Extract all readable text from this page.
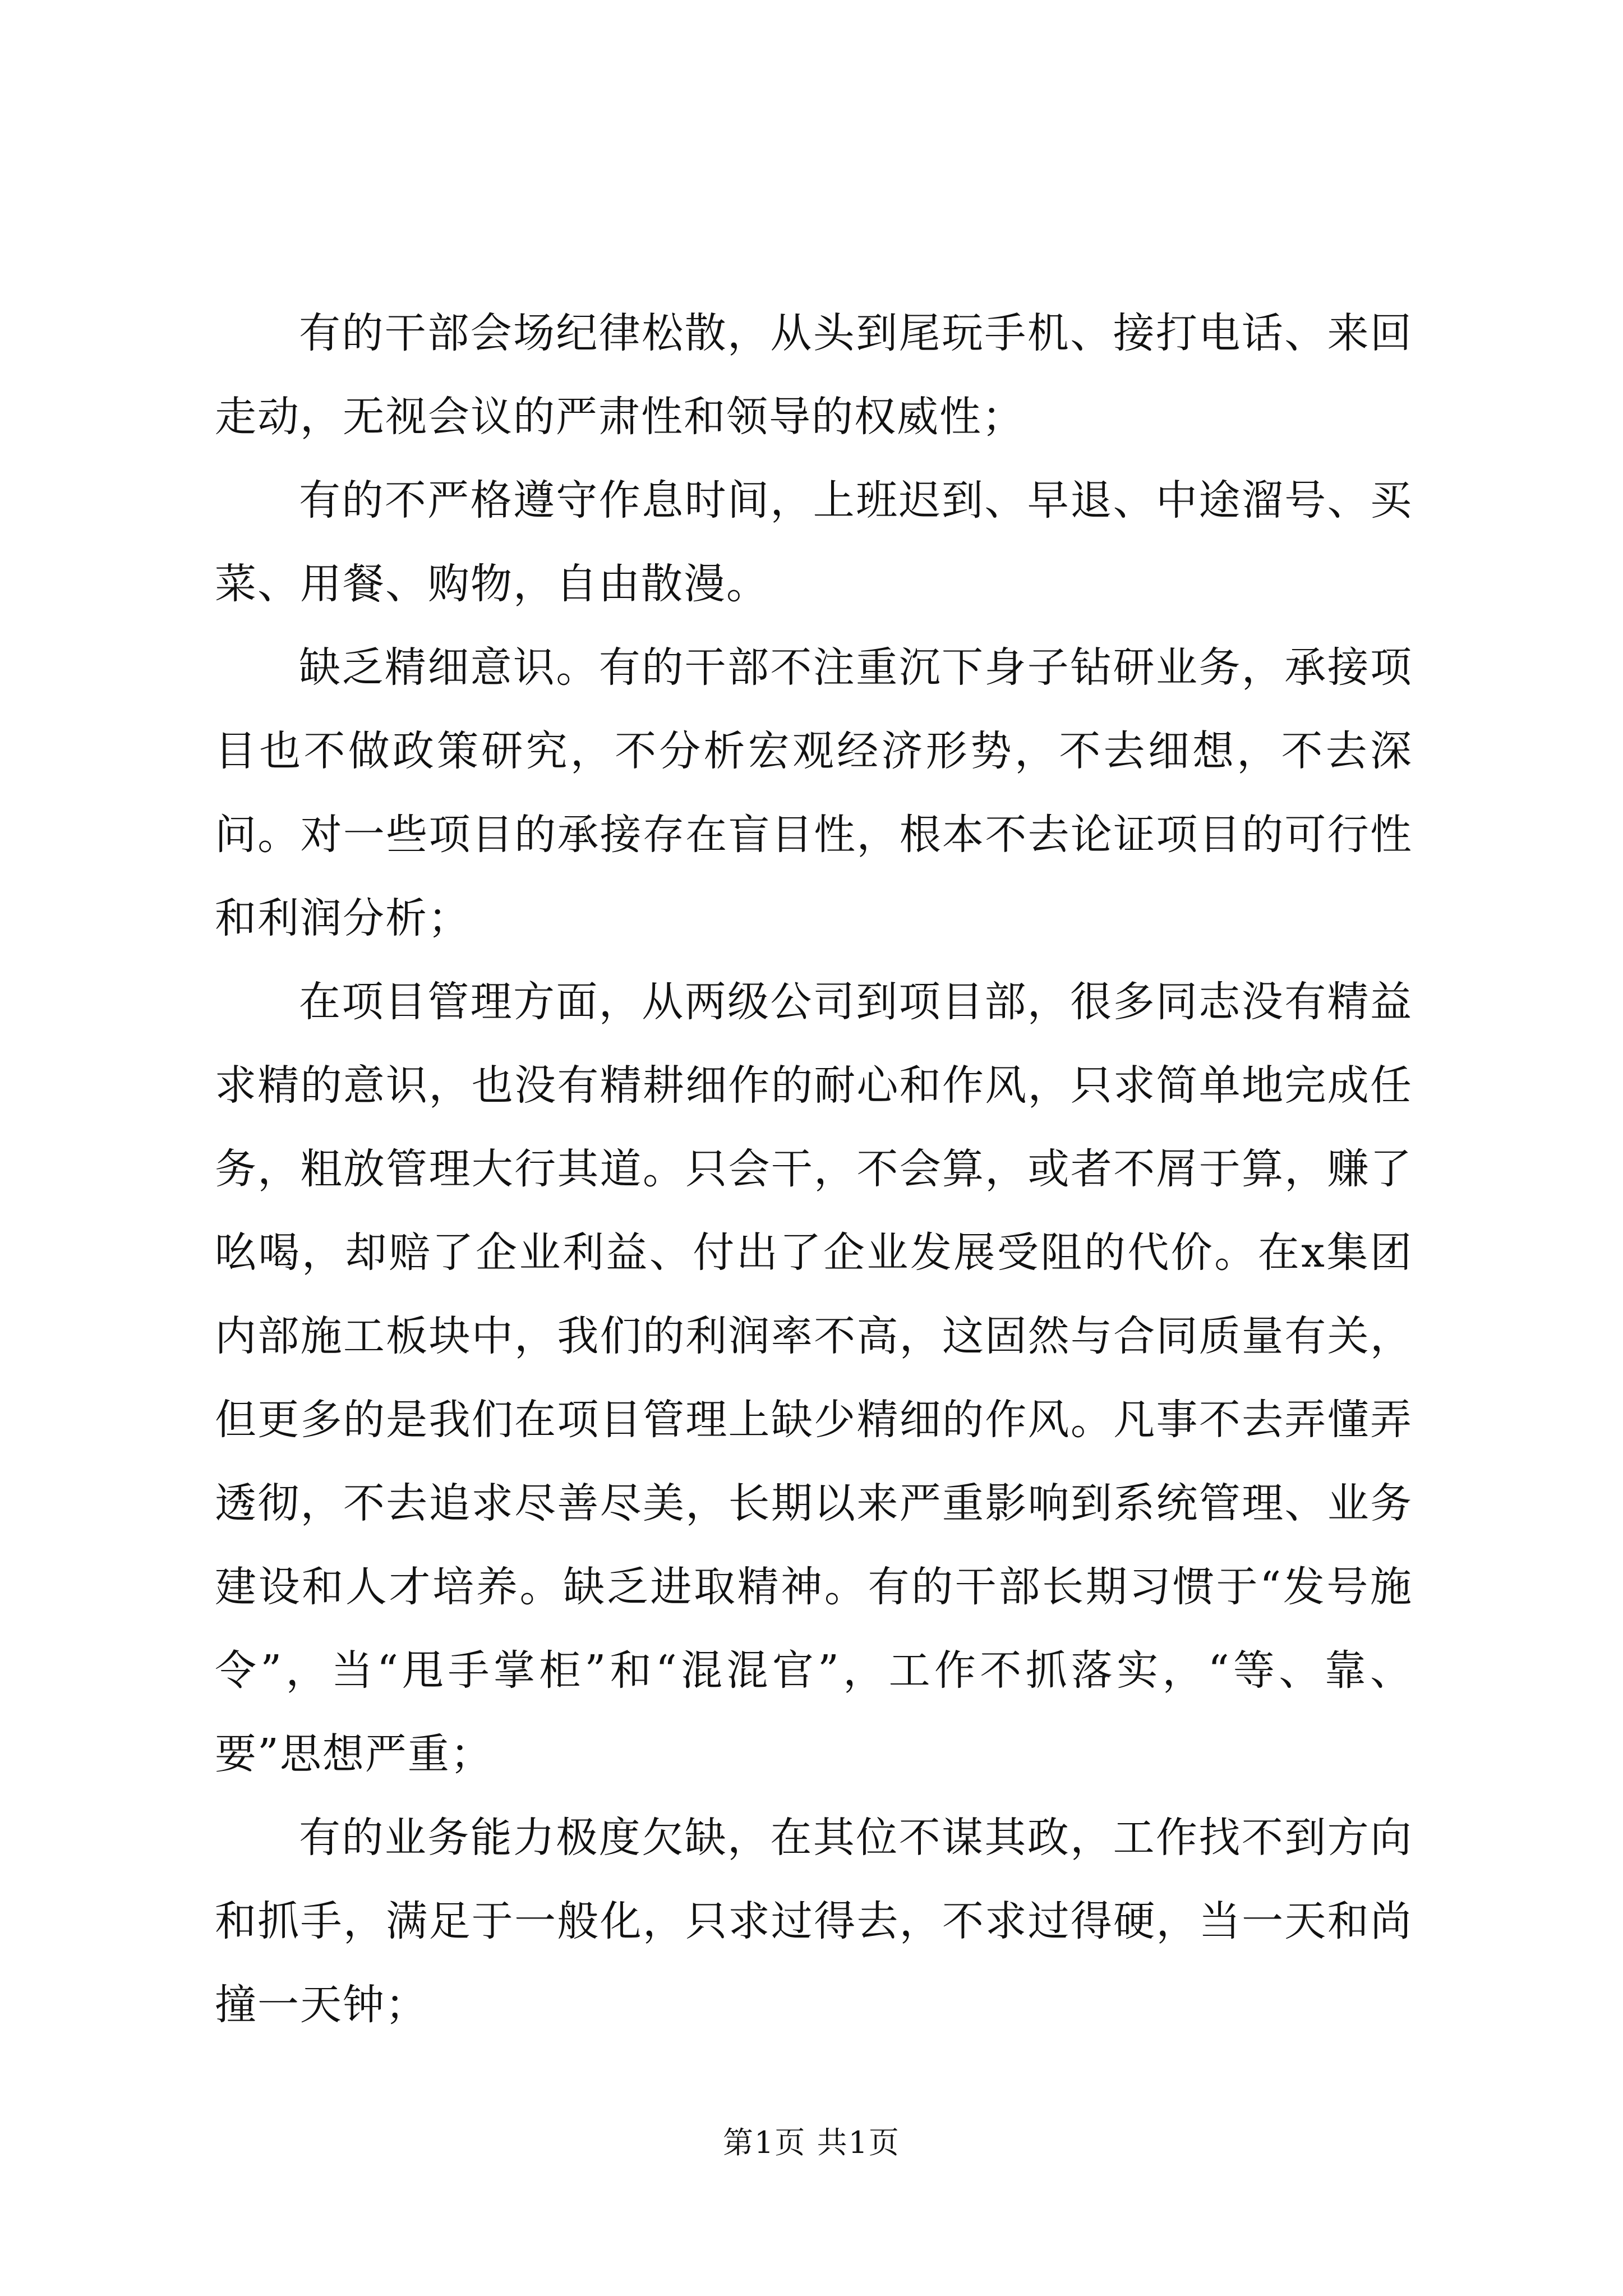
有的干部会场纪律松散，从头到尾玩手机、接打电话、来回走动，无视会议的严肃性和领导的权威性；

有的不严格遵守作息时间，上班迟到、早退、中途溜号、买菜、用餐、购物，自由散漫。

缺乏精细意识。有的干部不注重沉下身子钻研业务，承接项目也不做政策研究，不分析宏观经济形势，不去细想，不去深问。对一些项目的承接存在盲目性，根本不去论证项目的可行性和利润分析；

在项目管理方面，从两级公司到项目部，很多同志没有精益求精的意识，也没有精耕细作的耐心和作风，只求简单地完成任务，粗放管理大行其道。只会干，不会算，或者不屑于算，赚了吆喝，却赔了企业利益、付出了企业发展受阻的代价。在x集团内部施工板块中，我们的利润率不高，这固然与合同质量有关，但更多的是我们在项目管理上缺少精细的作风。凡事不去弄懂弄透彻，不去追求尽善尽美，长期以来严重影响到系统管理、业务建设和人才培养。缺乏进取精神。有的干部长期习惯于“发号施令”，当“甩手掌柜”和“混混官”，工作不抓落实，“等、靠、要”思想严重；

有的业务能力极度欠缺，在其位不谋其政，工作找不到方向和抓手，满足于一般化，只求过得去，不求过得硬，当一天和尚撞一天钟；

第1页 共1页
